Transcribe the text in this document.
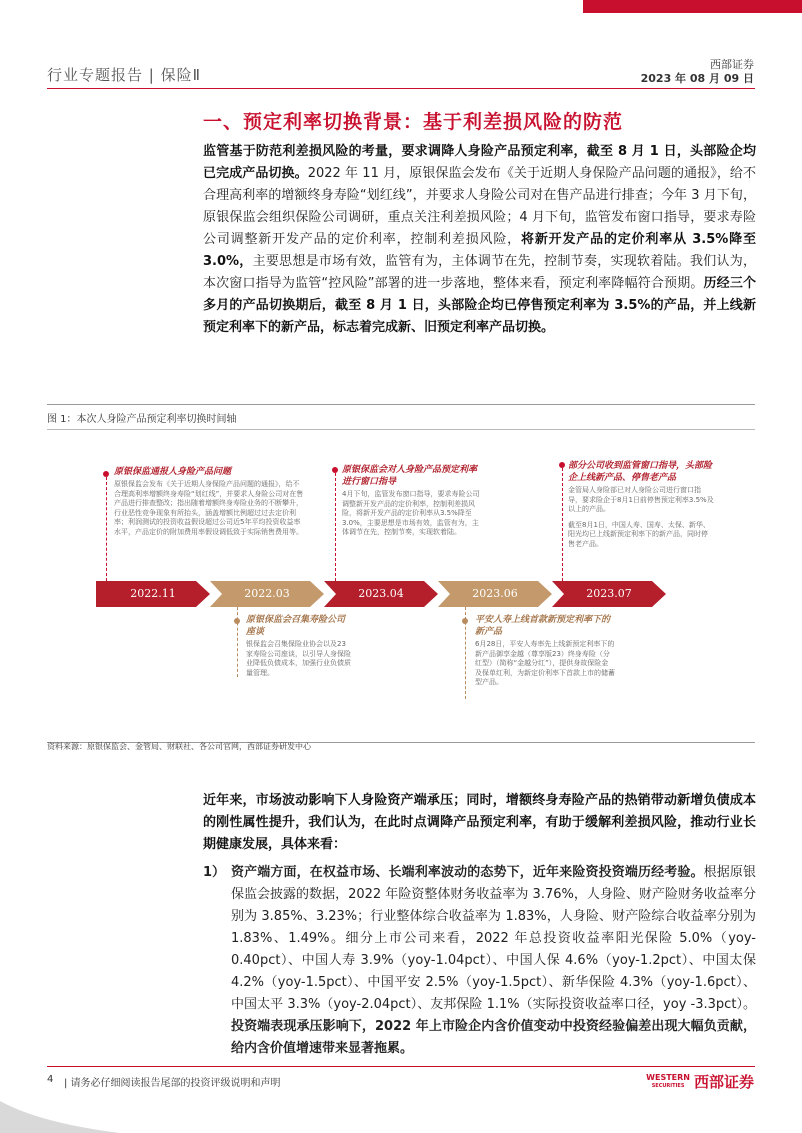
西部证券
2023 年 08 月 09 日
行业专题报告 | 保险Ⅱ
一、预定利率切换背景：基于利差损风险的防范
监管基于防范利差损风险的考量，要求调降人身险产品预定利率，截至 8 月 1 日，头部险企均已完成产品切换。2022 年 11 月，原银保监会发布《关于近期人身保险产品问题的通报》，给不合理高利率的增额终身寿险“划红线”，并要求人身险公司对在售产品进行排查；今年 3 月下旬，原银保监会组织保险公司调研，重点关注利差损风险；4 月下旬，监管发布窗口指导，要求寿险公司调整新开发产品的定价利率，控制利差损风险，将新开发产品的定价利率从 3.5%降至 3.0%，主要思想是市场有效，监管有为，主体调节在先，控制节奏，实现软着陆。我们认为，本次窗口指导为监管“控风险”部署的进一步落地，整体来看，预定利率降幅符合预期。历经三个多月的产品切换期后，截至 8 月 1 日，头部险企均已停售预定利率为 3.5%的产品，并上线新预定利率下的新产品，标志着完成新、旧预定利率产品切换。
图 1：本次人身险产品预定利率切换时间轴
2022.11	2022.03	2023.04	2023.06	2023.07
原银保监通报人身险产品问题
原银保监会发布《关于近期人身保险产品问题的通报》，给不合理高利率增额终身寿险“划红线”，并要求人身险公司对在售产品进行排查整改；指出随着增额终身寿险业务的不断攀升，行业恶性竞争现象有所抬头，涵盖增额比例超过过去定价利率；利润测试的投资收益假设超过公司近5年平均投资收益率水平，产品定价的附加费用率假设调低致于实际销售费用等。
原银保监会召集寿险公司座谈
银保监会召集保险业协会以及23家寿险公司座谈，以引导人身保险业降低负债成本，加强行业负债质量管理。
原银保监会对人身险产品预定利率进行窗口指导
4月下旬，监管发布窗口指导，要求寿险公司调整新开发产品的定价利率，控制利差损风险，将新开发产品的定价利率从3.5%降至3.0%，主要思想是市场有效，监管有为，主体调节在先，控制节奏，实现软着陆。
平安人寿上线首款新预定利率下的新产品
6月28日，平安人寿率先上线新预定利率下的新产品御享金越（尊享版23）终身寿险（分红型）（简称“金越分红”），提供身故保险金及保单红利，为新定价利率下首款上市的储蓄型产品。
部分公司收到监管窗口指导，头部险企上线新产品、停售老产品
金管局人身险部已对人身险公司进行窗口指导，要求险企于8月1日前停售预定利率3.5%及以上的产品。
截至8月1日，中国人寿、国寿、太保、新华、阳光均已上线新预定利率下的新产品，同时停售老产品。
资料来源：原银保监会、金管局、财联社、各公司官网，西部证券研发中心
近年来，市场波动影响下人身险资产端承压；同时，增额终身寿险产品的热销带动新增负债成本的刚性属性提升，我们认为，在此时点调降产品预定利率，有助于缓解利差损风险，推动行业长期健康发展，具体来看：
1） 资产端方面，在权益市场、长端利率波动的态势下，近年来险资投资端历经考验。根据原银保监会披露的数据，2022 年险资整体财务收益率为 3.76%，人身险、财产险财务收益率分别为 3.85%、3.23%；行业整体综合收益率为 1.83%，人身险、财产险综合收益率分别为 1.83%、1.49%。细分上市公司来看，2022 年总投资收益率阳光保险 5.0%（yoy-0.40pct）、中国人寿 3.9%（yoy-1.04pct）、中国人保 4.6%（yoy-1.2pct）、中国太保 4.2%（yoy-1.5pct）、中国平安 2.5%（yoy-1.5pct）、新华保险 4.3%（yoy-1.6pct）、中国太平 3.3%（yoy-2.04pct）、友邦保险 1.1%（实际投资收益率口径，yoy -3.3pct）。投资端表现承压影响下，2022 年上市险企内含价值变动中投资经验偏差出现大幅负贡献，给内含价值增速带来显著拖累。
4 | 请务必仔细阅读报告尾部的投资评级说明和声明
WESTERN
SECURITIES 西部证券
